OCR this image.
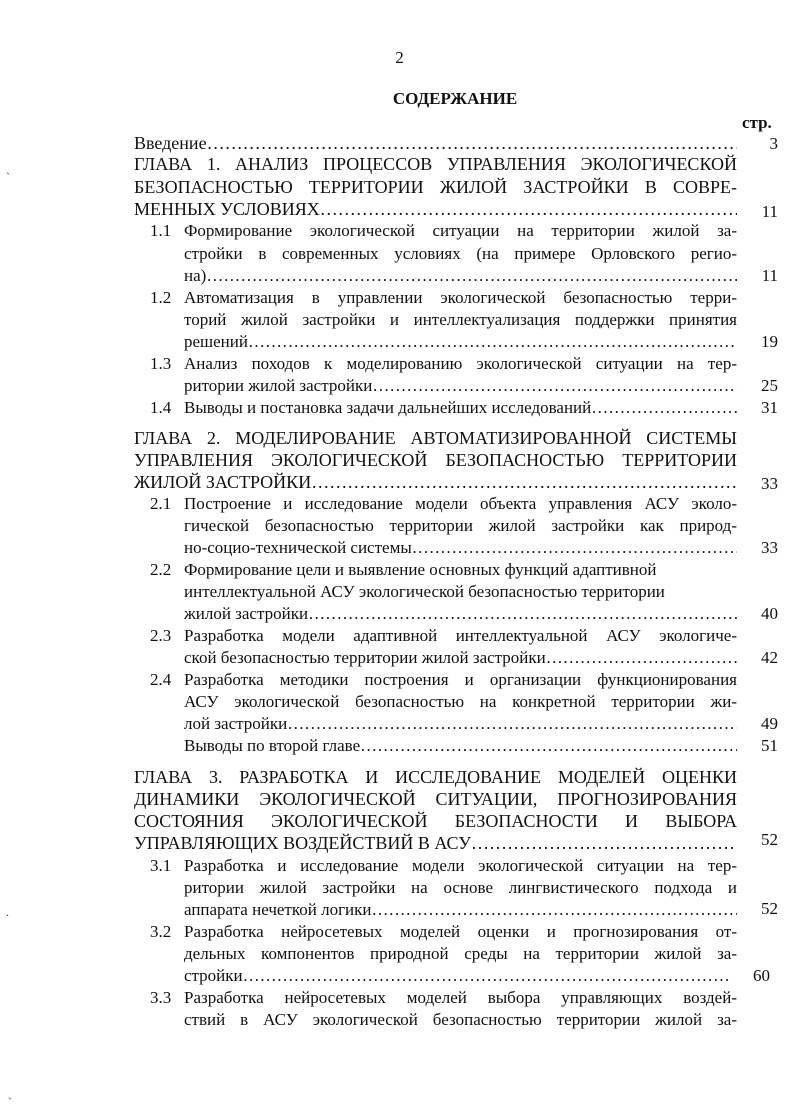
2
СОДЕРЖАНИЕ
стр.
Введение ……………………………………………………………………………………………………………………………………………………	3
ГЛАВА 1. АНАЛИЗ ПРОЦЕССОВ УПРАВЛЕНИЯ ЭКОЛОГИЧЕСКОЙ
БЕЗОПАСНОСТЬЮ ТЕРРИТОРИИ ЖИЛОЙ ЗАСТРОЙКИ В СОВРЕ-
МЕННЫХ УСЛОВИЯХ ……………………………………………………………………………………………………………………………………………………	11
1.1 Формирование экологической ситуации на территории жилой за-
стройки в современных условиях (на примере Орловского регио-
на) ……………………………………………………………………………………………………………………………………………………	11
1.2 Автоматизация в управлении экологической безопасностью терри-
торий жилой застройки и интеллектуализация поддержки принятия
решений ……………………………………………………………………………………………………………………………………………………	19
1.3 Анализ походов к моделированию экологической ситуации на тер-
ритории жилой застройки ……………………………………………………………………………………………………………………………………………………	25
1.4 Выводы и постановка задачи дальнейших исследований ……………………………………………………………………………………………………………………………………………………	31
ГЛАВА 2. МОДЕЛИРОВАНИЕ АВТОМАТИЗИРОВАННОЙ СИСТЕМЫ
УПРАВЛЕНИЯ ЭКОЛОГИЧЕСКОЙ БЕЗОПАСНОСТЬЮ ТЕРРИТОРИИ
ЖИЛОЙ ЗАСТРОЙКИ ……………………………………………………………………………………………………………………………………………………	33
2.1 Построение и исследование модели объекта управления АСУ эколо-
гической безопасностью территории жилой застройки как природ-
но-социо-технической системы ……………………………………………………………………………………………………………………………………………………	33
2.2 Формирование цели и выявление основных функций адаптивной
интеллектуальной АСУ экологической безопасностью территории
жилой застройки ……………………………………………………………………………………………………………………………………………………	40
2.3 Разработка модели адаптивной интеллектуальной АСУ экологиче-
ской безопасностью территории жилой застройки ……………………………………………………………………………………………………………………………………………………	42
2.4 Разработка методики построения и организации функционирования
АСУ экологической безопасностью на конкретной территории жи-
лой застройки ……………………………………………………………………………………………………………………………………………………	49
Выводы по второй главе ……………………………………………………………………………………………………………………………………………………	51
ГЛАВА 3. РАЗРАБОТКА И ИССЛЕДОВАНИЕ МОДЕЛЕЙ ОЦЕНКИ
ДИНАМИКИ ЭКОЛОГИЧЕСКОЙ СИТУАЦИИ, ПРОГНОЗИРОВАНИЯ
СОСТОЯНИЯ ЭКОЛОГИЧЕСКОЙ БЕЗОПАСНОСТИ И ВЫБОРА
УПРАВЛЯЮЩИХ ВОЗДЕЙСТВИЙ В АСУ ……………………………………………………………………………………………………………………………………………………	52
3.1 Разработка и исследование модели экологической ситуации на тер-
ритории жилой застройки на основе лингвистического подхода и
аппарата нечеткой логики ……………………………………………………………………………………………………………………………………………………	52
3.2 Разработка нейросетевых моделей оценки и прогнозирования от-
дельных компонентов природной среды на территории жилой за-
стройки ……………………………………………………………………………………………………………………………………………………	60
3.3 Разработка нейросетевых моделей выбора управляющих воздей-
ствий в АСУ экологической безопасностью территории жилой за-
`
.
`
